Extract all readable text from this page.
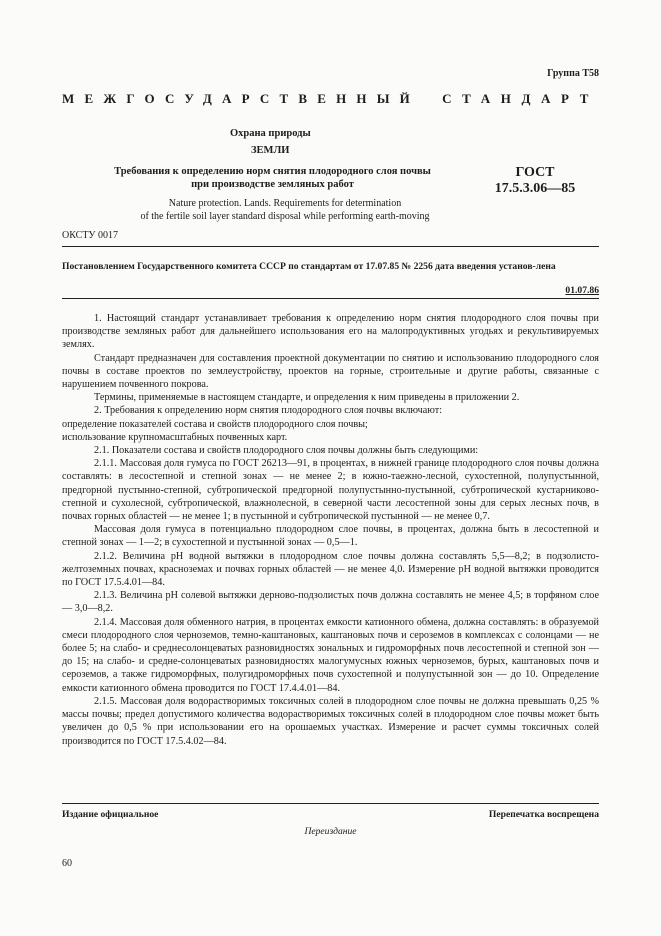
Группа Т58
МЕЖГОСУДАРСТВЕННЫЙ СТАНДАРТ
Охрана природы
ЗЕМЛИ
Требования к определению норм снятия плодородного слоя почвы
при производстве земляных работ
ГОСТ
17.5.3.06—85
Nature protection. Lands. Requirements for determination
of the fertile soil layer standard disposal while performing earth-moving
ОКСТУ 0017
Постановлением Государственного комитета СССР по стандартам от 17.07.85 № 2256 дата введения установ-лена
01.07.86

1. Настоящий стандарт устанавливает требования к определению норм снятия плодородного слоя почвы при производстве земляных работ для дальнейшего использования его на малопродуктивных угодьях и рекультивируемых землях.

Стандарт предназначен для составления проектной документации по снятию и использованию плодородного слоя почвы в составе проектов по землеустройству, проектов на горные, строительные и другие работы, связанные с нарушением почвенного покрова.

Термины, применяемые в настоящем стандарте, и определения к ним приведены в приложении 2.

2. Требования к определению норм снятия плодородного слоя почвы включают:

определение показателей состава и свойств плодородного слоя почвы;

использование крупномасштабных почвенных карт.

2.1. Показатели состава и свойств плодородного слоя почвы должны быть следующими:

2.1.1. Массовая доля гумуса по ГОСТ 26213—91, в процентах, в нижней границе плодородного слоя почвы должна составлять: в лесостепной и степной зонах — не менее 2; в южно-таежно-лесной, сухостепной, полупустынной, предгорной пустынно-степной, субтропической предгорной полупустынно-пустынной, субтропической кустарниково-степной и сухолесной, субтропической, влажнолесной, в северной части лесостепной зоны для серых лесных почв, в почвах горных областей — не менее 1; в пустынной и субтропической пустынной — не менее 0,7.

Массовая доля гумуса в потенциально плодородном слое почвы, в процентах, должна быть в лесостепной и степной зонах — 1—2; в сухостепной и пустынной зонах — 0,5—1.

2.1.2. Величина pH водной вытяжки в плодородном слое почвы должна составлять 5,5—8,2; в подзолисто-желтоземных почвах, красноземах и почвах горных областей — не менее 4,0. Измерение pH водной вытяжки проводится по ГОСТ 17.5.4.01—84.

2.1.3. Величина pH солевой вытяжки дерново-подзолистых почв должна составлять не менее 4,5; в торфяном слое — 3,0—8,2.

2.1.4. Массовая доля обменного натрия, в процентах емкости катионного обмена, должна составлять: в образуемой смеси плодородного слоя черноземов, темно-каштановых, каштановых почв и сероземов в комплексах с солонцами — не более 5; на слабо- и среднесолонцеватых разновидностях зональных и гидроморфных почв лесостепной и степной зон — до 15; на слабо- и средне-солонцеватых разновидностях малогумусных южных черноземов, бурых, каштановых почв и сероземов, а также гидроморфных, полугидроморфных почв сухостепной и полупустынной зон — до 10. Определение емкости катионного обмена проводится по ГОСТ 17.4.4.01—84.

2.1.5. Массовая доля водорастворимых токсичных солей в плодородном слое почвы не должна превышать 0,25 % массы почвы; предел допустимого количества водорастворимых токсичных солей в плодородном слое почвы может быть увеличен до 0,5 % при использовании его на орошаемых участках. Измерение и расчет суммы токсичных солей производится по ГОСТ 17.5.4.02—84.

Издание официальное	Перепечатка воспрещена
Переиздание
60
